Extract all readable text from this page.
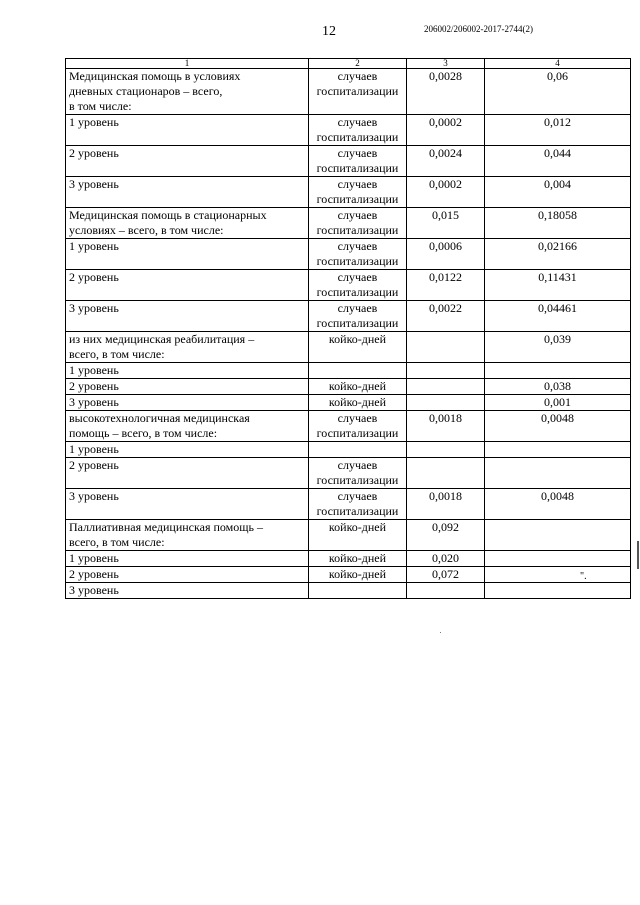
12	206002/206002-2017-2744(2)
1	2	3	4
Медицинская помощь в условиях
дневных стационаров – всего,
в том числе:	случаев
госпитализации	0,0028	0,06
1 уровень	случаев
госпитализации	0,0002	0,012
2 уровень	случаев
госпитализации	0,0024	0,044
3 уровень	случаев
госпитализации	0,0002	0,004
Медицинская помощь в стационарных
условиях – всего, в том числе:	случаев
госпитализации	0,015	0,18058
1 уровень	случаев
госпитализации	0,0006	0,02166
2 уровень	случаев
госпитализации	0,0122	0,11431
3 уровень	случаев
госпитализации	0,0022	0,04461
из них медицинская реабилитация –
всего, в том числе:	койко-дней		0,039
1 уровень			
2 уровень	койко-дней		0,038
3 уровень	койко-дней		0,001
высокотехнологичная медицинская
помощь – всего, в том числе:	случаев
госпитализации	0,0018	0,0048
1 уровень			
2 уровень	случаев
госпитализации		
3 уровень	случаев
госпитализации	0,0018	0,0048
Паллиативная медицинская помощь –
всего, в том числе:	койко-дней	0,092	
1 уровень	койко-дней	0,020	
2 уровень	койко-дней	0,072	
3 уровень			
".
